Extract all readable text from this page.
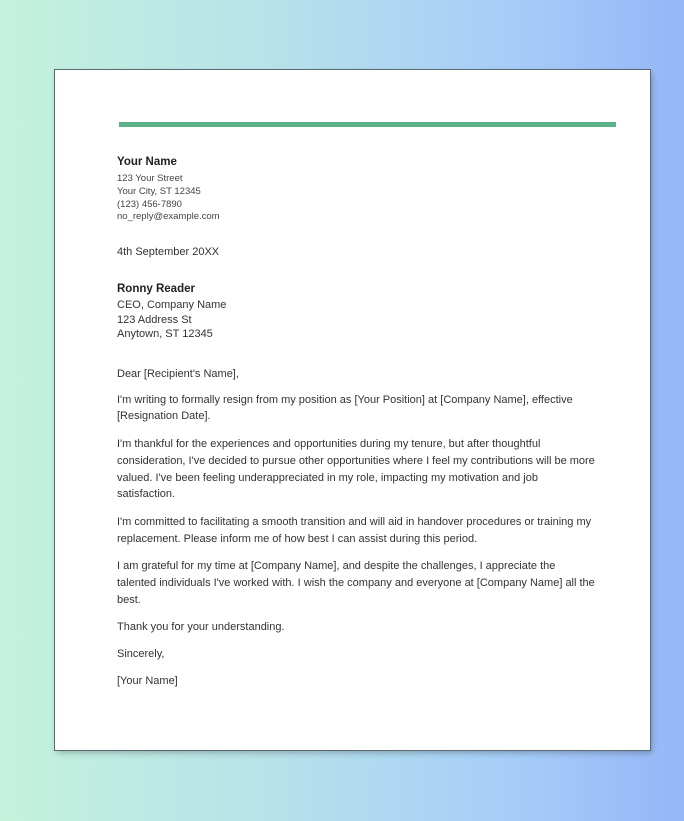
Your Name
123 Your Street
Your City, ST 12345
(123) 456-7890
no_reply@example.com
4th September 20XX
Ronny Reader
CEO, Company Name
123 Address St
Anytown, ST 12345
Dear [Recipient's Name],
I'm writing to formally resign from my position as [Your Position] at [Company Name], effective [Resignation Date].
I'm thankful for the experiences and opportunities during my tenure, but after thoughtful consideration, I've decided to pursue other opportunities where I feel my contributions will be more valued. I've been feeling underappreciated in my role, impacting my motivation and job satisfaction.
I'm committed to facilitating a smooth transition and will aid in handover procedures or training my replacement. Please inform me of how best I can assist during this period.
I am grateful for my time at [Company Name], and despite the challenges, I appreciate the talented individuals I've worked with. I wish the company and everyone at [Company Name] all the best.
Thank you for your understanding.
Sincerely,
[Your Name]
